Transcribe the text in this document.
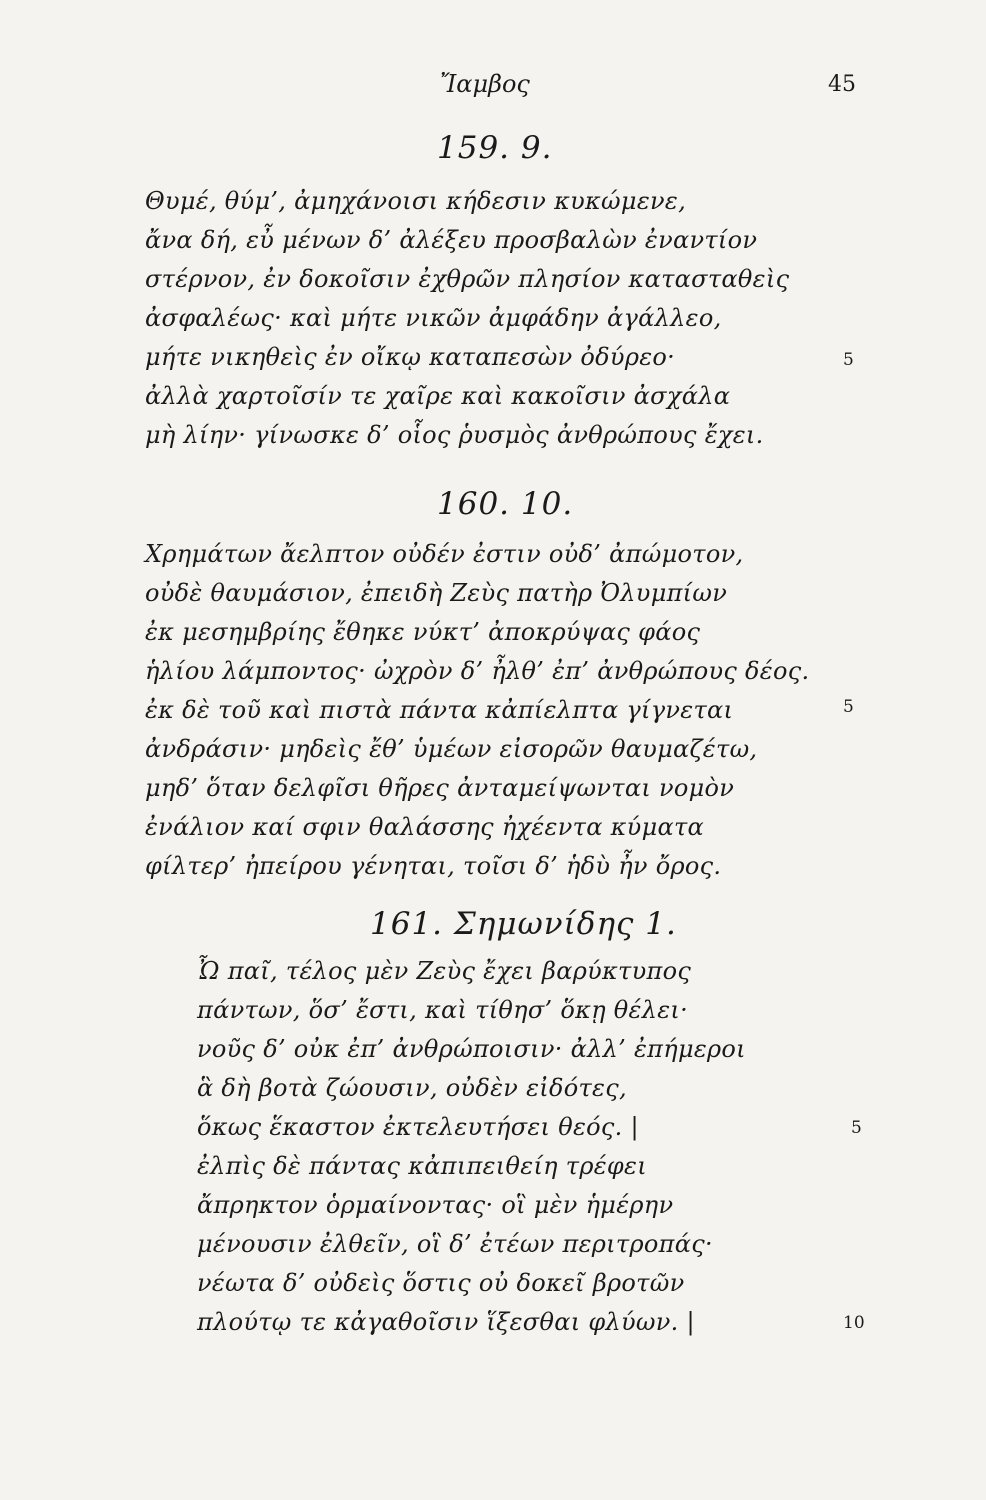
Ἴαμβος	45
159. 9.
Θυμέ, θύμ’, ἀμηχάνοισι κήδεσιν κυκώμενε,
ἄνα δή, εὖ μένων δ’ ἀλέξευ προσβαλὼν ἐναντίον
στέρνον, ἐν δοκοῖσιν ἐχθρῶν πλησίον κατασταθεὶς
ἀσφαλέως· καὶ μήτε νικῶν ἀμφάδην ἀγάλλεο,
μήτε νικηθεὶς ἐν οἴκῳ καταπεσὼν ὀδύρεο·
ἀλλὰ χαρτοῖσίν τε χαῖρε καὶ κακοῖσιν ἀσχάλα
μὴ λίην· γίνωσκε δ’ οἷος ῥυσμὸς ἀνθρώπους ἔχει.
5
160. 10.
Χρημάτων ἄελπτον οὐδέν ἐστιν οὐδ’ ἀπώμοτον,
οὐδὲ θαυμάσιον, ἐπειδὴ Ζεὺς πατὴρ Ὀλυμπίων
ἐκ μεσημβρίης ἔθηκε νύκτ’ ἀποκρύψας φάος
ἡλίου λάμποντος· ὠχρὸν δ’ ἦλθ’ ἐπ’ ἀνθρώπους δέος.
ἐκ δὲ τοῦ καὶ πιστὰ πάντα κἀπίελπτα γίγνεται
ἀνδράσιν· μηδεὶς ἔθ’ ὑμέων εἰσορῶν θαυμαζέτω,
μηδ’ ὅταν δελφῖσι θῆρες ἀνταμείψωνται νομὸν
ἐνάλιον καί σφιν θαλάσσης ἠχέεντα κύματα
φίλτερ’ ἠπείρου γένηται, τοῖσι δ’ ἡδὺ ἦν ὄρος.
5
161. Σημωνίδης 1.
Ὦ παῖ, τέλος μὲν Ζεὺς ἔχει βαρύκτυπος
πάντων, ὅσ’ ἔστι, καὶ τίθησ’ ὅκῃ θέλει·
νοῦς δ’ οὐκ ἐπ’ ἀνθρώποισιν· ἀλλ’ ἐπήμεροι
ἃ δὴ βοτὰ ζώουσιν, οὐδὲν εἰδότες,
ὅκως ἕκαστον ἐκτελευτήσει θεός. |
ἐλπὶς δὲ πάντας κἀπιπειθείη τρέφει
ἄπρηκτον ὁρμαίνοντας· οἳ μὲν ἡμέρην
μένουσιν ἐλθεῖν, οἳ δ’ ἐτέων περιτροπάς·
νέωτα δ’ οὐδεὶς ὅστις οὐ δοκεῖ βροτῶν
πλούτῳ τε κἀγαθοῖσιν ἵξεσθαι φλύων. |
5
10
